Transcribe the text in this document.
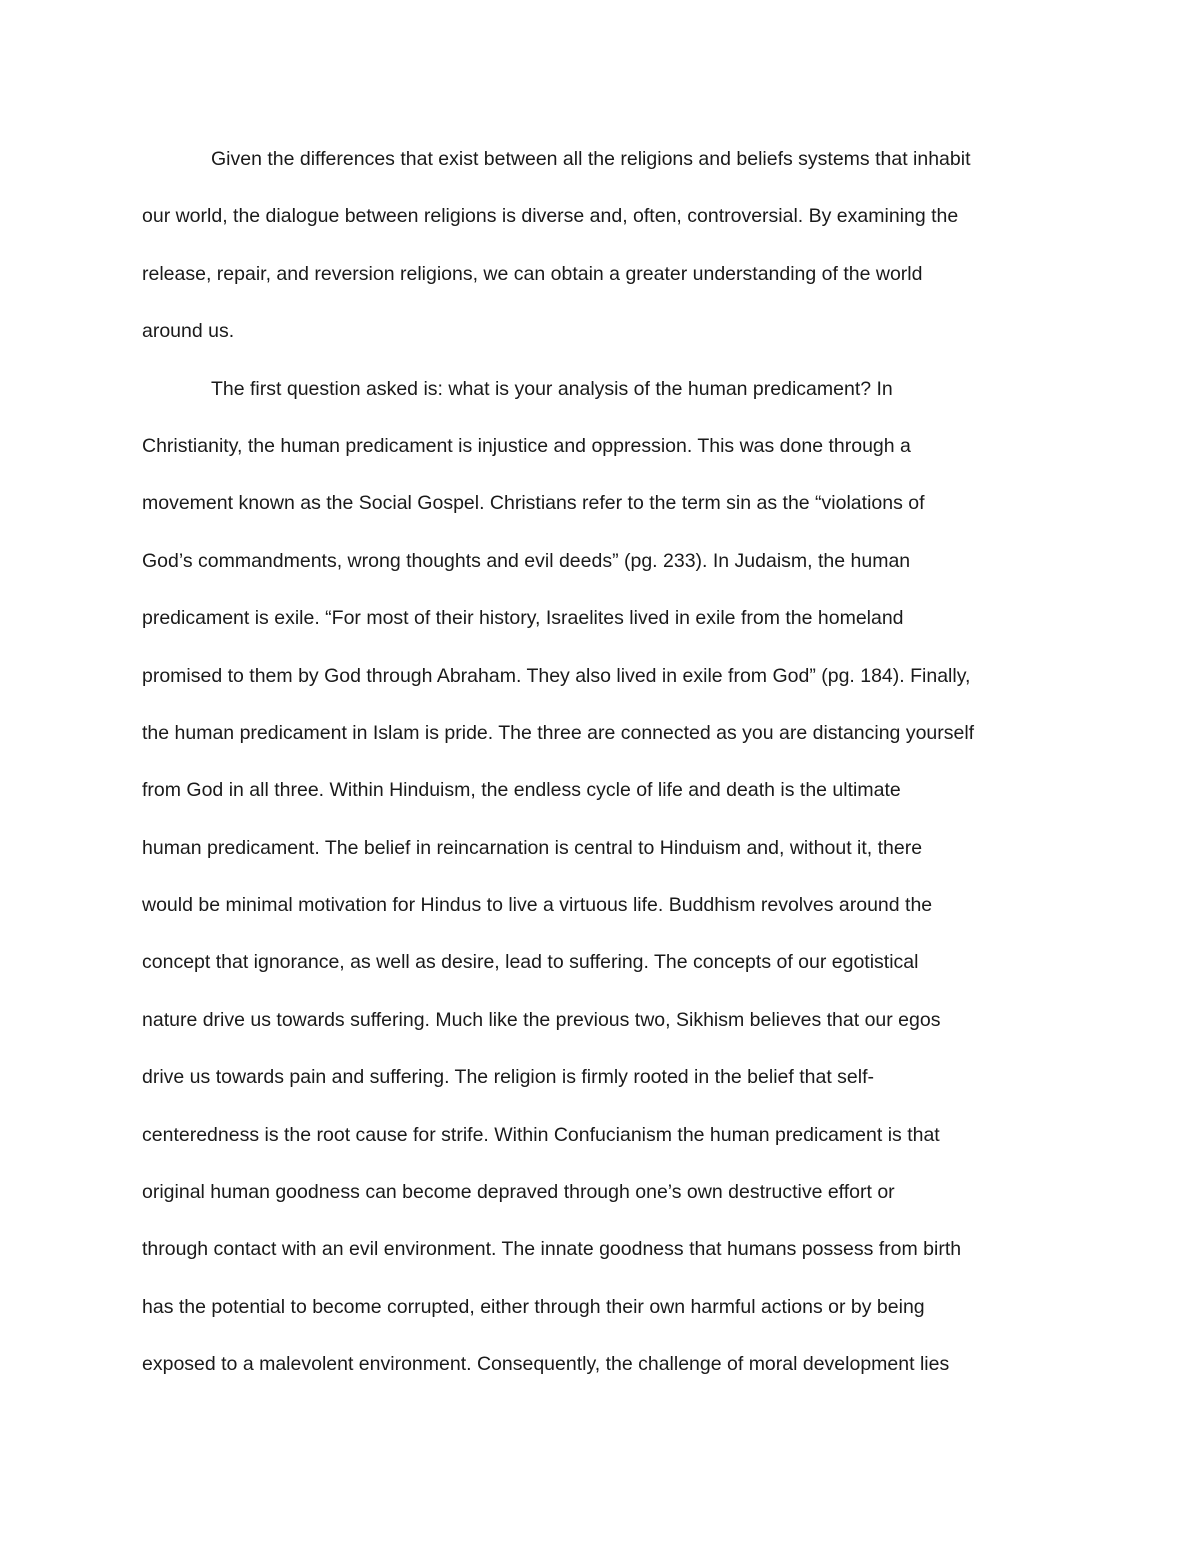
Given the differences that exist between all the religions and beliefs systems that inhabit
our world, the dialogue between religions is diverse and, often, controversial. By examining the
release, repair, and reversion religions, we can obtain a greater understanding of the world
around us.
The first question asked is: what is your analysis of the human predicament? In
Christianity, the human predicament is injustice and oppression. This was done through a
movement known as the Social Gospel. Christians refer to the term sin as the “violations of
God’s commandments, wrong thoughts and evil deeds” (pg. 233). In Judaism, the human
predicament is exile. “For most of their history, Israelites lived in exile from the homeland
promised to them by God through Abraham. They also lived in exile from God” (pg. 184). Finally,
the human predicament in Islam is pride. The three are connected as you are distancing yourself
from God in all three. Within Hinduism, the endless cycle of life and death is the ultimate
human predicament. The belief in reincarnation is central to Hinduism and, without it, there
would be minimal motivation for Hindus to live a virtuous life. Buddhism revolves around the
concept that ignorance, as well as desire, lead to suffering. The concepts of our egotistical
nature drive us towards suffering. Much like the previous two, Sikhism believes that our egos
drive us towards pain and suffering. The religion is firmly rooted in the belief that self-
centeredness is the root cause for strife. Within Confucianism the human predicament is that
original human goodness can become depraved through one’s own destructive effort or
through contact with an evil environment. The innate goodness that humans possess from birth
has the potential to become corrupted, either through their own harmful actions or by being
exposed to a malevolent environment. Consequently, the challenge of moral development lies
